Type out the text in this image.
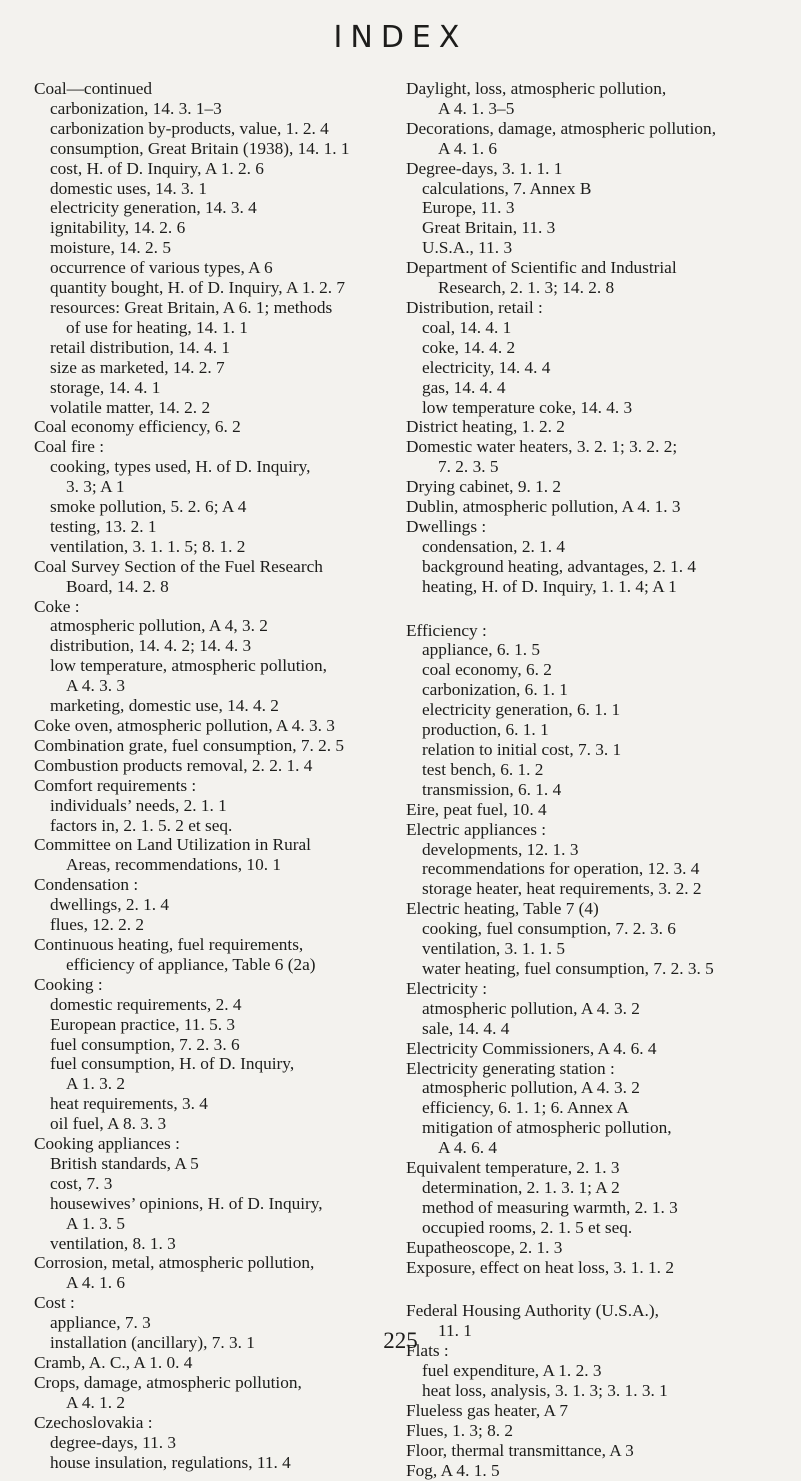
INDEX
Coal—continued
carbonization, 14. 3. 1–3
carbonization by-products, value, 1. 2. 4
consumption, Great Britain (1938), 14. 1. 1
cost, H. of D. Inquiry, A 1. 2. 6
domestic uses, 14. 3. 1
electricity generation, 14. 3. 4
ignitability, 14. 2. 6
moisture, 14. 2. 5
occurrence of various types, A 6
quantity bought, H. of D. Inquiry, A 1. 2. 7
resources: Great Britain, A 6. 1; methods
of use for heating, 14. 1. 1
retail distribution, 14. 4. 1
size as marketed, 14. 2. 7
storage, 14. 4. 1
volatile matter, 14. 2. 2
Coal economy efficiency, 6. 2
Coal fire :
cooking, types used, H. of D. Inquiry,
3. 3; A 1
smoke pollution, 5. 2. 6; A 4
testing, 13. 2. 1
ventilation, 3. 1. 1. 5; 8. 1. 2
Coal Survey Section of the Fuel Research
Board, 14. 2. 8
Coke :
atmospheric pollution, A 4, 3. 2
distribution, 14. 4. 2; 14. 4. 3
low temperature, atmospheric pollution,
A 4. 3. 3
marketing, domestic use, 14. 4. 2
Coke oven, atmospheric pollution, A 4. 3. 3
Combination grate, fuel consumption, 7. 2. 5
Combustion products removal, 2. 2. 1. 4
Comfort requirements :
individuals’ needs, 2. 1. 1
factors in, 2. 1. 5. 2 et seq.
Committee on Land Utilization in Rural
Areas, recommendations, 10. 1
Condensation :
dwellings, 2. 1. 4
flues, 12. 2. 2
Continuous heating, fuel requirements,
efficiency of appliance, Table 6 (2a)
Cooking :
domestic requirements, 2. 4
European practice, 11. 5. 3
fuel consumption, 7. 2. 3. 6
fuel consumption, H. of D. Inquiry,
A 1. 3. 2
heat requirements, 3. 4
oil fuel, A 8. 3. 3
Cooking appliances :
British standards, A 5
cost, 7. 3
housewives’ opinions, H. of D. Inquiry,
A 1. 3. 5
ventilation, 8. 1. 3
Corrosion, metal, atmospheric pollution,
A 4. 1. 6
Cost :
appliance, 7. 3
installation (ancillary), 7. 3. 1
Cramb, A. C., A 1. 0. 4
Crops, damage, atmospheric pollution,
A 4. 1. 2
Czechoslovakia :
degree-days, 11. 3
house insulation, regulations, 11. 4
Daylight, loss, atmospheric pollution,
A 4. 1. 3–5
Decorations, damage, atmospheric pollution,
A 4. 1. 6
Degree-days, 3. 1. 1. 1
calculations, 7. Annex B
Europe, 11. 3
Great Britain, 11. 3
U.S.A., 11. 3
Department of Scientific and Industrial
Research, 2. 1. 3; 14. 2. 8
Distribution, retail :
coal, 14. 4. 1
coke, 14. 4. 2
electricity, 14. 4. 4
gas, 14. 4. 4
low temperature coke, 14. 4. 3
District heating, 1. 2. 2
Domestic water heaters, 3. 2. 1; 3. 2. 2;
7. 2. 3. 5
Drying cabinet, 9. 1. 2
Dublin, atmospheric pollution, A 4. 1. 3
Dwellings :
condensation, 2. 1. 4
background heating, advantages, 2. 1. 4
heating, H. of D. Inquiry, 1. 1. 4; A 1
Efficiency :
appliance, 6. 1. 5
coal economy, 6. 2
carbonization, 6. 1. 1
electricity generation, 6. 1. 1
production, 6. 1. 1
relation to initial cost, 7. 3. 1
test bench, 6. 1. 2
transmission, 6. 1. 4
Eire, peat fuel, 10. 4
Electric appliances :
developments, 12. 1. 3
recommendations for operation, 12. 3. 4
storage heater, heat requirements, 3. 2. 2
Electric heating, Table 7 (4)
cooking, fuel consumption, 7. 2. 3. 6
ventilation, 3. 1. 1. 5
water heating, fuel consumption, 7. 2. 3. 5
Electricity :
atmospheric pollution, A 4. 3. 2
sale, 14. 4. 4
Electricity Commissioners, A 4. 6. 4
Electricity generating station :
atmospheric pollution, A 4. 3. 2
efficiency, 6. 1. 1; 6. Annex A
mitigation of atmospheric pollution,
A 4. 6. 4
Equivalent temperature, 2. 1. 3
determination, 2. 1. 3. 1; A 2
method of measuring warmth, 2. 1. 3
occupied rooms, 2. 1. 5 et seq.
Eupatheoscope, 2. 1. 3
Exposure, effect on heat loss, 3. 1. 1. 2
Federal Housing Authority (U.S.A.),
11. 1
Flats :
fuel expenditure, A 1. 2. 3
heat loss, analysis, 3. 1. 3; 3. 1. 3. 1
Flueless gas heater, A 7
Flues, 1. 3; 8. 2
Floor, thermal transmittance, A 3
Fog, A 4. 1. 5
225
